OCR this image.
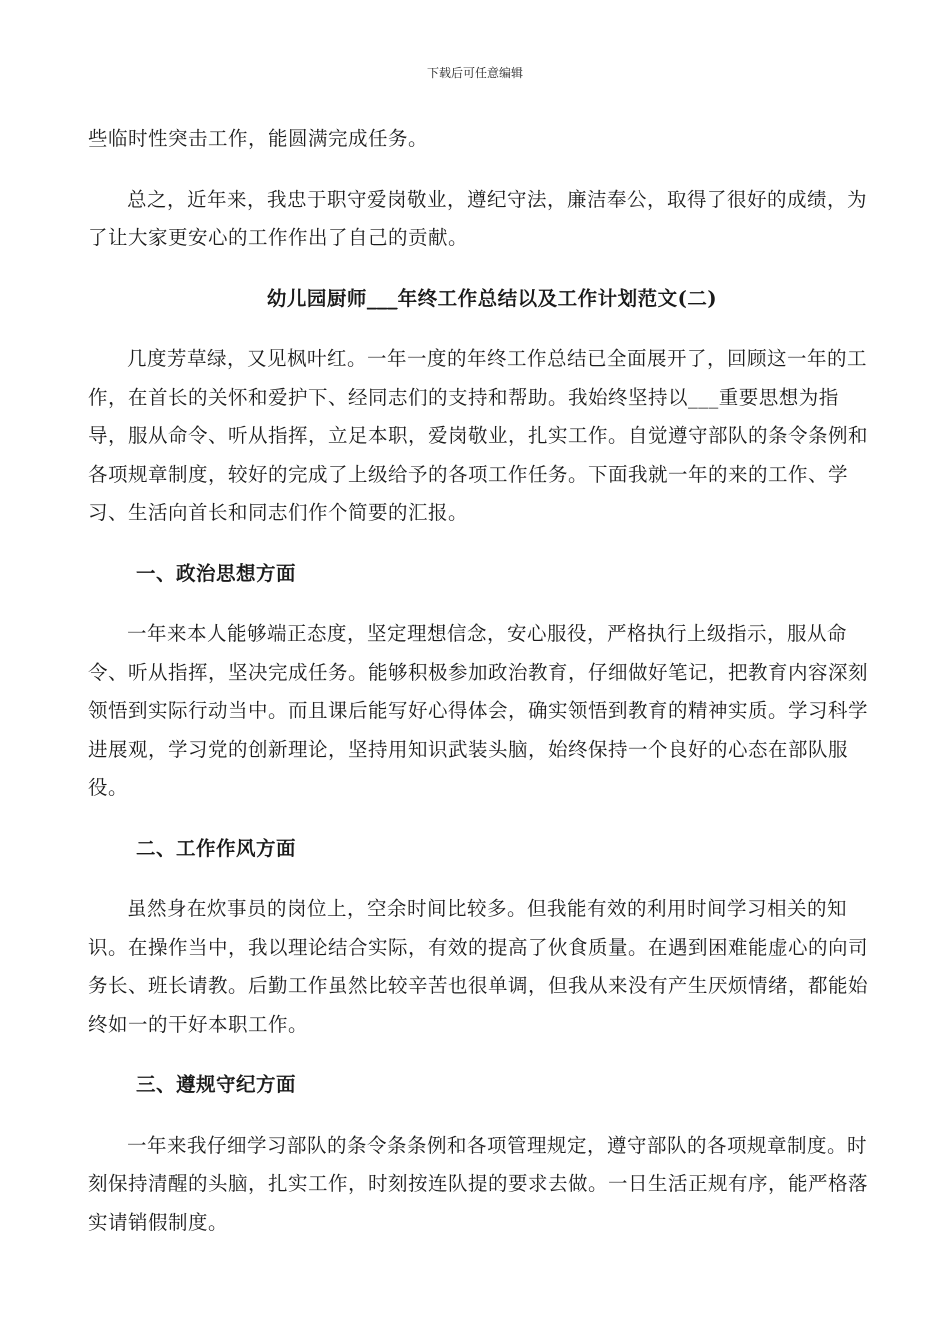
下载后可任意编辑

些临时性突击工作，能圆满完成任务。

总之，近年来，我忠于职守爱岗敬业，遵纪守法，廉洁奉公，取得了很好的成绩，为了让大家更安心的工作作出了自己的贡献。

幼儿园厨师___年终工作总结以及工作计划范文(二)

几度芳草绿，又见枫叶红。一年一度的年终工作总结已全面展开了，回顾这一年的工作，在首长的关怀和爱护下、经同志们的支持和帮助。我始终坚持以___重要思想为指导，服从命令、听从指挥，立足本职，爱岗敬业，扎实工作。自觉遵守部队的条令条例和各项规章制度，较好的完成了上级给予的各项工作任务。下面我就一年的来的工作、学习、生活向首长和同志们作个简要的汇报。

一、政治思想方面

一年来本人能够端正态度，坚定理想信念，安心服役，严格执行上级指示，服从命令、听从指挥，坚决完成任务。能够积极参加政治教育，仔细做好笔记，把教育内容深刻领悟到实际行动当中。而且课后能写好心得体会，确实领悟到教育的精神实质。学习科学进展观，学习党的创新理论，坚持用知识武装头脑，始终保持一个良好的心态在部队服役。

二、工作作风方面

虽然身在炊事员的岗位上，空余时间比较多。但我能有效的利用时间学习相关的知识。在操作当中，我以理论结合实际，有效的提高了伙食质量。在遇到困难能虚心的向司务长、班长请教。后勤工作虽然比较辛苦也很单调，但我从来没有产生厌烦情绪，都能始终如一的干好本职工作。

三、遵规守纪方面

一年来我仔细学习部队的条令条条例和各项管理规定，遵守部队的各项规章制度。时刻保持清醒的头脑，扎实工作，时刻按连队提的要求去做。一日生活正规有序，能严格落实请销假制度。
